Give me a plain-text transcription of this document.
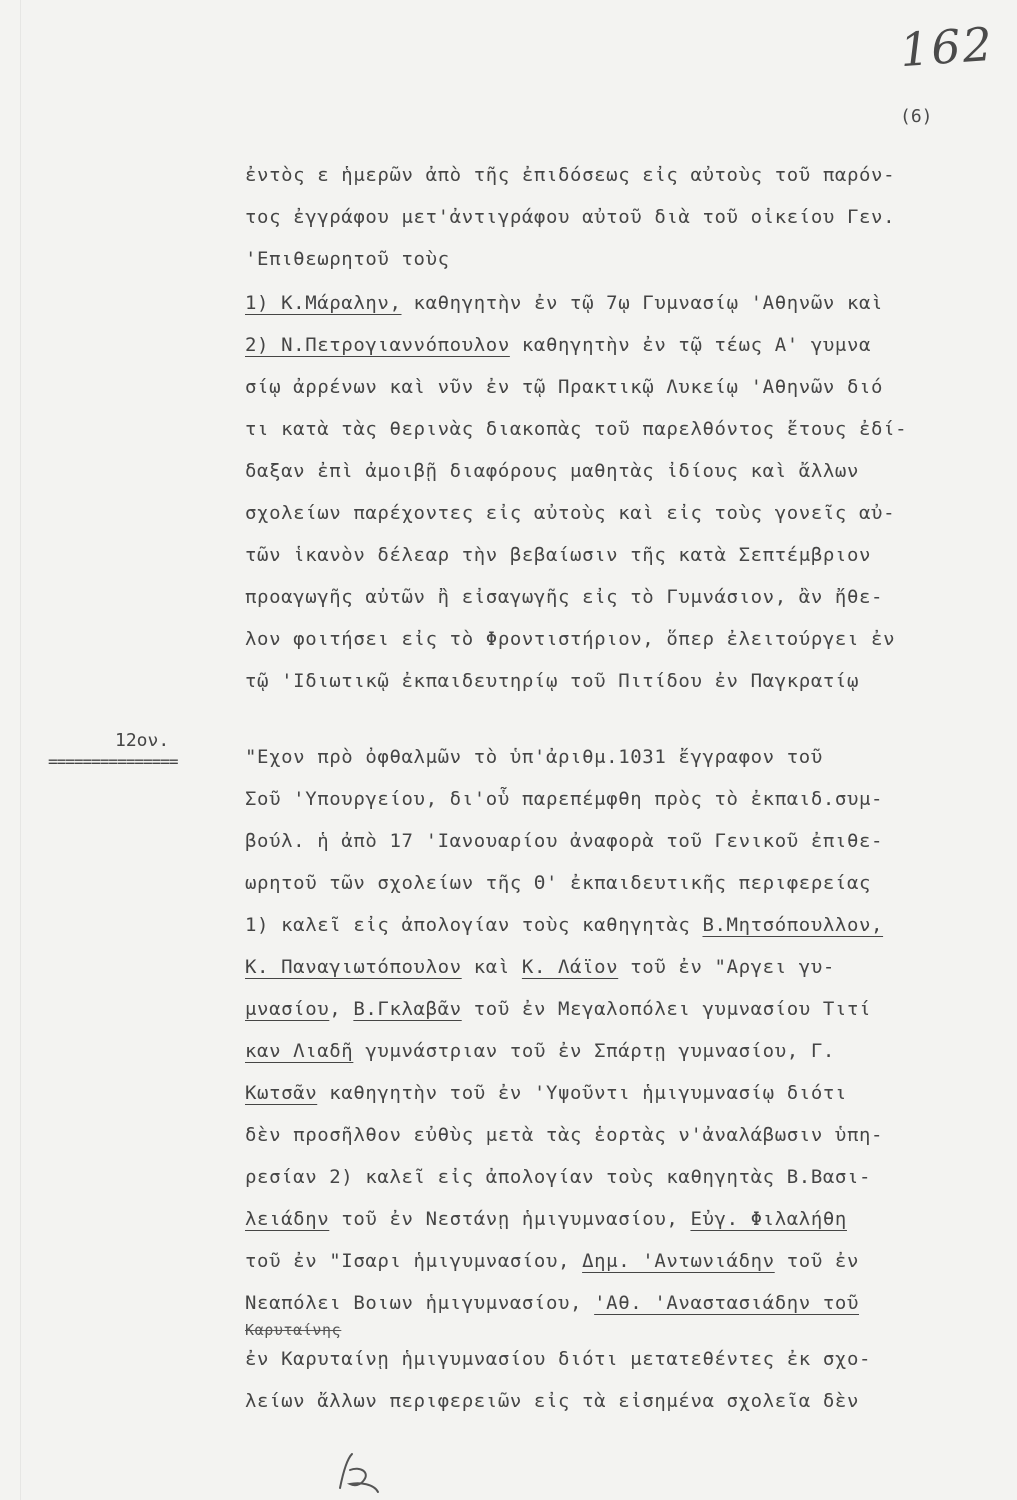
162
(6)
ἐντὸς ε ἡμερῶν ἀπὸ τῆς ἐπιδόσεως εἰς αὐτοὺς τοῦ παρόν-
τος ἐγγράφου μετ'ἀντιγράφου αὐτοῦ διὰ τοῦ οἰκείου Γεν.
'Επιθεωρητοῦ τοὺς
1) Κ.Μάραλην, καθηγητὴν ἐν τῷ 7ῳ Γυμνασίῳ 'Αθηνῶν καὶ
2) Ν.Πετρογιαννόπουλον καθηγητὴν ἐν τῷ τέως Α' γυμνα
σίῳ ἀρρένων καὶ νῦν ἐν τῷ Πρακτικῷ Λυκείῳ 'Αθηνῶν διό
τι κατὰ τὰς θερινὰς διακοπὰς τοῦ παρελθόντος ἔτους ἐδί-
δαξαν ἐπὶ ἀμοιβῇ διαφόρους μαθητὰς ἰδίους καὶ ἄλλων
σχολείων παρέχοντες εἰς αὐτοὺς καὶ εἰς τοὺς γονεῖς αὐ-
τῶν ἱκανὸν δέλεαρ τὴν βεβαίωσιν τῆς κατὰ Σεπτέμβριον
προαγωγῆς αὐτῶν ἢ εἰσαγωγῆς εἰς τὸ Γυμνάσιον, ἂν ἤθε-
λον φοιτήσει εἰς τὸ Φροντιστήριον, ὅπερ ἐλειτούργει ἐν
τῷ 'Ιδιωτικῷ ἐκπαιδευτηρίῳ τοῦ Πιτίδου ἐν Παγκρατίῳ
12ον.
===============	"Εχον πρὸ ὀφθαλμῶν τὸ ὑπ'ἀριθμ.1031 ἔγγραφον τοῦ
Σοῦ 'Υπουργείου, δι'οὗ παρεπέμφθη πρὸς τὸ ἐκπαιδ.συμ-
βούλ. ἡ ἀπὸ 17 'Ιανουαρίου ἀναφορὰ τοῦ Γενικοῦ ἐπιθε-
ωρητοῦ τῶν σχολείων τῆς Θ' ἐκπαιδευτικῆς περιφερείας
1) καλεῖ εἰς ἀπολογίαν τοὺς καθηγητὰς Β.Μητσόπουλλον,
Κ. Παναγιωτόπουλον καὶ Κ. Λάϊον τοῦ ἐν "Αργει γυ-
μνασίου, Β.Γκλαβᾶν τοῦ ἐν Μεγαλοπόλει γυμνασίου Τιτί
καν Λιαδῆ γυμνάστριαν τοῦ ἐν Σπάρτῃ γυμνασίου, Γ.
Κωτσᾶν καθηγητὴν τοῦ ἐν 'Υψοῦντι ἡμιγυμνασίῳ διότι
δὲν προσῆλθον εὐθὺς μετὰ τὰς ἑορτὰς ν'ἀναλάβωσιν ὑπη-
ρεσίαν 2) καλεῖ εἰς ἀπολογίαν τοὺς καθηγητὰς Β.Βασι-
λειάδην τοῦ ἐν Νεστάνῃ ἡμιγυμνασίου, Εὐγ. Φιλαλήθη
τοῦ ἐν "Ισαρι ἡμιγυμνασίου, Δημ. 'Αντωνιάδην τοῦ ἐν
Νεαπόλει Βοιων ἡμιγυμνασίου, 'Αθ. 'Αναστασιάδην τοῦ
Καρυταίνης
ἐν Καρυταίνῃ ἡμιγυμνασίου διότι μετατεθέντες ἐκ σχο-
λείων ἄλλων περιφερειῶν εἰς τὰ εἰσημένα σχολεῖα δὲν
